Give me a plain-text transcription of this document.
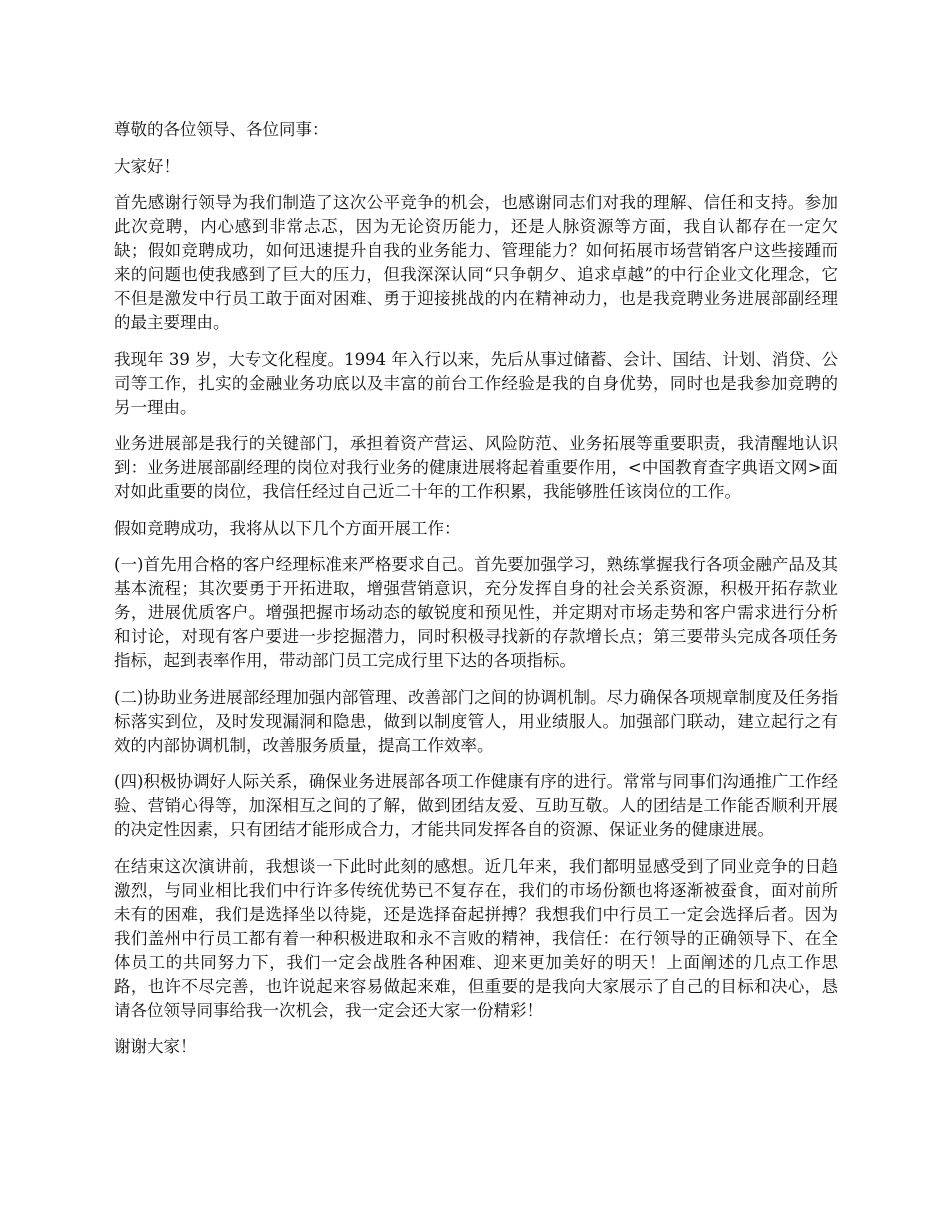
尊敬的各位领导、各位同事：

大家好！

首先感谢行领导为我们制造了这次公平竞争的机会，也感谢同志们对我的理解、信任和支持。参加此次竞聘，内心感到非常忐忑，因为无论资历能力，还是人脉资源等方面，我自认都存在一定欠缺；假如竞聘成功，如何迅速提升自我的业务能力、管理能力？如何拓展市场营销客户这些接踵而来的问题也使我感到了巨大的压力，但我深深认同“只争朝夕、追求卓越”的中行企业文化理念，它不但是激发中行员工敢于面对困难、勇于迎接挑战的内在精神动力，也是我竞聘业务进展部副经理的最主要理由。

我现年 39 岁，大专文化程度。1994 年入行以来，先后从事过储蓄、会计、国结、计划、消贷、公司等工作，扎实的金融业务功底以及丰富的前台工作经验是我的自身优势，同时也是我参加竞聘的另一理由。

业务进展部是我行的关键部门，承担着资产营运、风险防范、业务拓展等重要职责，我清醒地认识到：业务进展部副经理的岗位对我行业务的健康进展将起着重要作用，<中国教育查字典语文网>面对如此重要的岗位，我信任经过自己近二十年的工作积累，我能够胜任该岗位的工作。

假如竞聘成功，我将从以下几个方面开展工作：

(一)首先用合格的客户经理标准来严格要求自己。首先要加强学习，熟练掌握我行各项金融产品及其基本流程；其次要勇于开拓进取，增强营销意识，充分发挥自身的社会关系资源，积极开拓存款业务，进展优质客户。增强把握市场动态的敏锐度和预见性，并定期对市场走势和客户需求进行分析和讨论，对现有客户要进一步挖掘潜力，同时积极寻找新的存款增长点；第三要带头完成各项任务指标，起到表率作用，带动部门员工完成行里下达的各项指标。

(二)协助业务进展部经理加强内部管理、改善部门之间的协调机制。尽力确保各项规章制度及任务指标落实到位，及时发现漏洞和隐患，做到以制度管人，用业绩服人。加强部门联动，建立起行之有效的内部协调机制，改善服务质量，提高工作效率。

(四)积极协调好人际关系，确保业务进展部各项工作健康有序的进行。常常与同事们沟通推广工作经验、营销心得等，加深相互之间的了解，做到团结友爱、互助互敬。人的团结是工作能否顺利开展的决定性因素，只有团结才能形成合力，才能共同发挥各自的资源、保证业务的健康进展。

在结束这次演讲前，我想谈一下此时此刻的感想。近几年来，我们都明显感受到了同业竞争的日趋激烈，与同业相比我们中行许多传统优势已不复存在，我们的市场份额也将逐渐被蚕食，面对前所未有的困难，我们是选择坐以待毙，还是选择奋起拼搏？我想我们中行员工一定会选择后者。因为我们盖州中行员工都有着一种积极进取和永不言败的精神，我信任：在行领导的正确领导下、在全体员工的共同努力下，我们一定会战胜各种困难、迎来更加美好的明天！上面阐述的几点工作思路，也许不尽完善，也许说起来容易做起来难，但重要的是我向大家展示了自己的目标和决心，恳请各位领导同事给我一次机会，我一定会还大家一份精彩！

谢谢大家！
